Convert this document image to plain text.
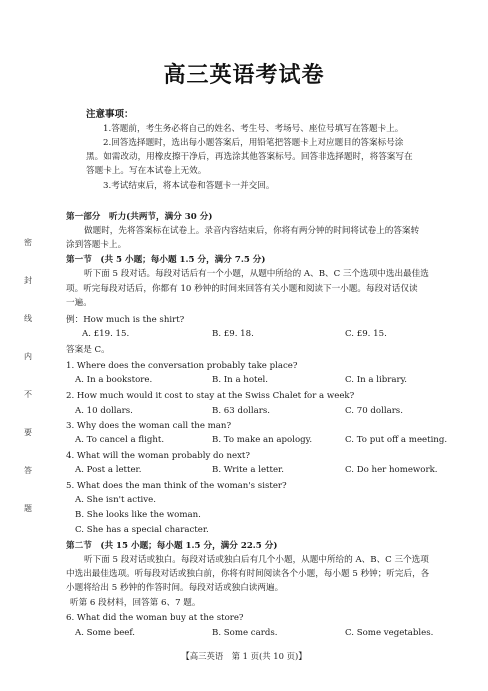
密
封
线
内
不
要
答
题
高三英语考试卷
注意事项：
1.答题前，考生务必将自己的姓名、考生号、考场号、座位号填写在答题卡上。
2.回答选择题时，选出每小题答案后，用铅笔把答题卡上对应题目的答案标号涂
黑。如需改动，用橡皮擦干净后，再选涂其他答案标号。回答非选择题时，将答案写在
答题卡上。写在本试卷上无效。
3.考试结束后，将本试卷和答题卡一并交回。
第一部分　听力(共两节，满分 30 分)
做题时，先将答案标在试卷上。录音内容结束后，你将有两分钟的时间将试卷上的答案转
涂到答题卡上。
第一节　(共 5 小题；每小题 1.5 分，满分 7.5 分)
听下面 5 段对话。每段对话后有一个小题，从题中所给的 A、B、C 三个选项中选出最佳选
项。听完每段对话后，你都有 10 秒钟的时间来回答有关小题和阅读下一小题。每段对话仅读
一遍。
例：How much is the shirt?
A. £19. 15.	B. £9. 18.	C. £9. 15.
答案是 C。
1. Where does the conversation probably take place?
A. In a bookstore.	B. In a hotel.	C. In a library.
2. How much would it cost to stay at the Swiss Chalet for a week?
A. 10 dollars.	B. 63 dollars.	C. 70 dollars.
3. Why does the woman call the man?
A. To cancel a flight.	B. To make an apology.	C. To put off a meeting.
4. What will the woman probably do next?
A. Post a letter.	B. Write a letter.	C. Do her homework.
5. What does the man think of the woman's sister?
A. She isn't active.
B. She looks like the woman.
C. She has a special character.
第二节　(共 15 小题；每小题 1.5 分，满分 22.5 分)
听下面 5 段对话或独白。每段对话或独白后有几个小题，从题中所给的 A、B、C 三个选项
中选出最佳选项。听每段对话或独白前，你将有时间阅读各个小题，每小题 5 秒钟；听完后，各
小题将给出 5 秒钟的作答时间。每段对话或独白读两遍。
听第 6 段材料，回答第 6、7 题。
6. What did the woman buy at the store?
A. Some beef.	B. Some cards.	C. Some vegetables.
【高三英语　第 1 页(共 10 页)】
